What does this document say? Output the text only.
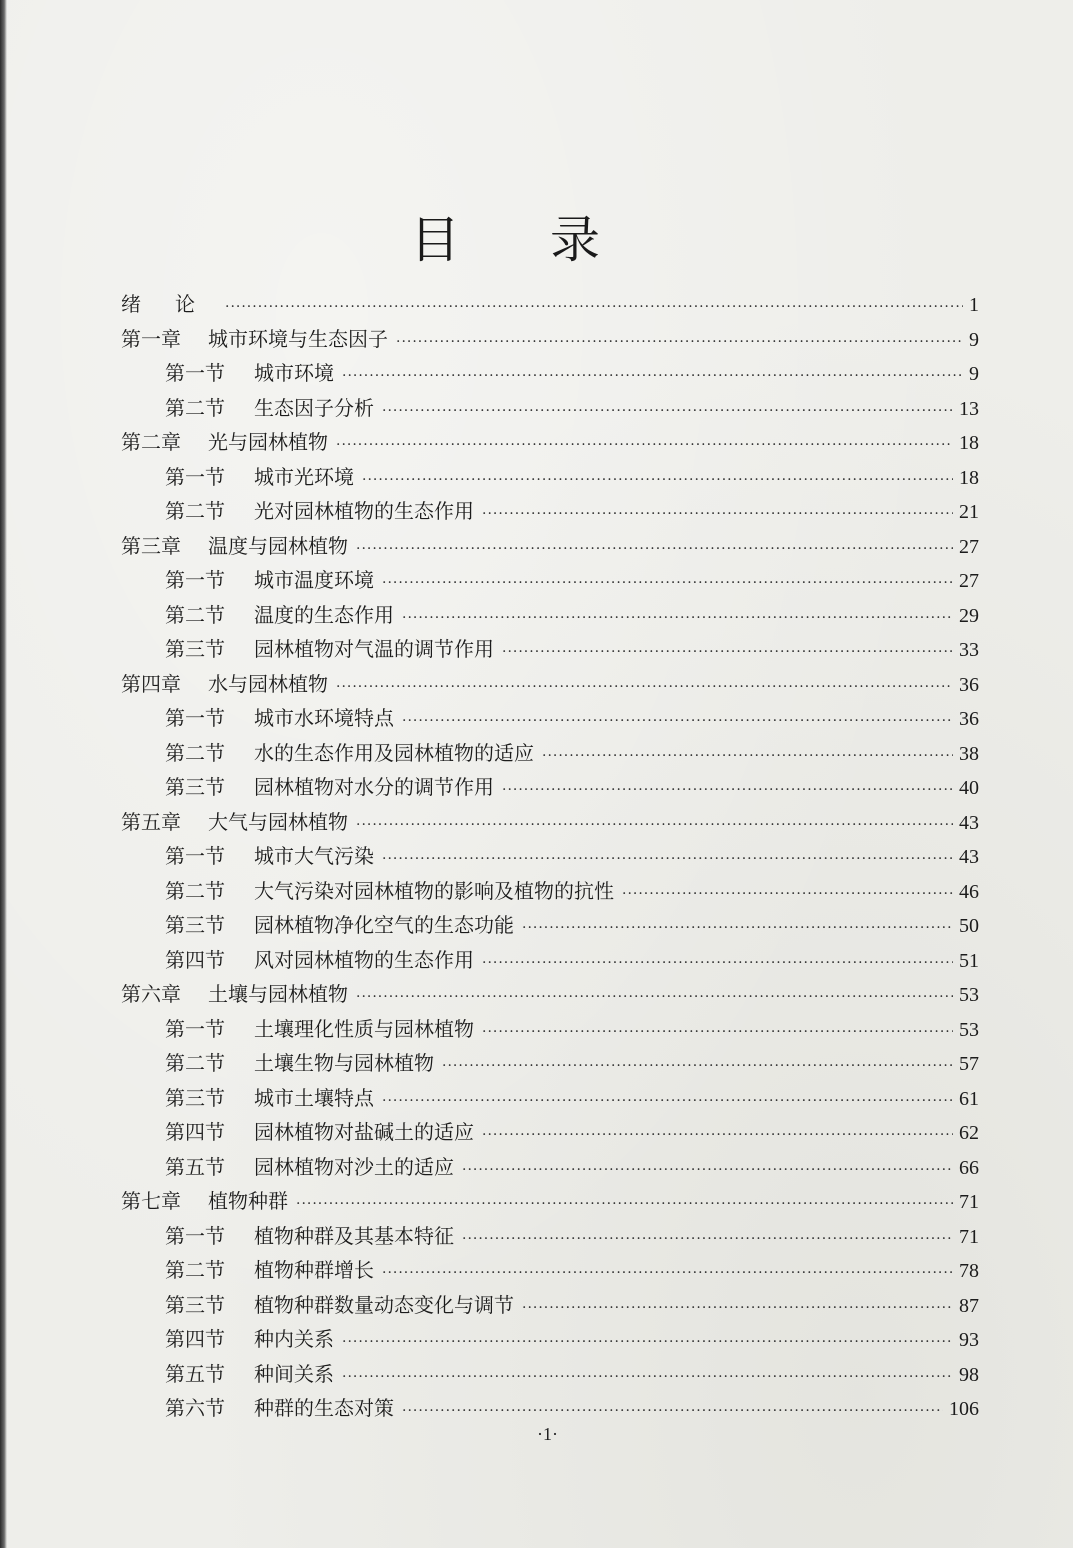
目录
绪论 ·····	1
第一章	城市环境与生态因子 ·····	9
第一节	城市环境 ·····	9
第二节	生态因子分析 ·····	13
第二章	光与园林植物 ·····	18
第一节	城市光环境 ·····	18
第二节	光对园林植物的生态作用 ·····	21
第三章	温度与园林植物 ·····	27
第一节	城市温度环境 ·····	27
第二节	温度的生态作用 ·····	29
第三节	园林植物对气温的调节作用 ·····	33
第四章	水与园林植物 ·····	36
第一节	城市水环境特点 ·····	36
第二节	水的生态作用及园林植物的适应 ·····	38
第三节	园林植物对水分的调节作用 ·····	40
第五章	大气与园林植物 ·····	43
第一节	城市大气污染 ·····	43
第二节	大气污染对园林植物的影响及植物的抗性 ·····	46
第三节	园林植物净化空气的生态功能 ·····	50
第四节	风对园林植物的生态作用 ·····	51
第六章	土壤与园林植物 ·····	53
第一节	土壤理化性质与园林植物 ·····	53
第二节	土壤生物与园林植物 ·····	57
第三节	城市土壤特点 ·····	61
第四节	园林植物对盐碱土的适应 ·····	62
第五节	园林植物对沙土的适应 ·····	66
第七章	植物种群 ·····	71
第一节	植物种群及其基本特征 ·····	71
第二节	植物种群增长 ·····	78
第三节	植物种群数量动态变化与调节 ·····	87
第四节	种内关系 ·····	93
第五节	种间关系 ·····	98
第六节	种群的生态对策 ·····	106
·1·
